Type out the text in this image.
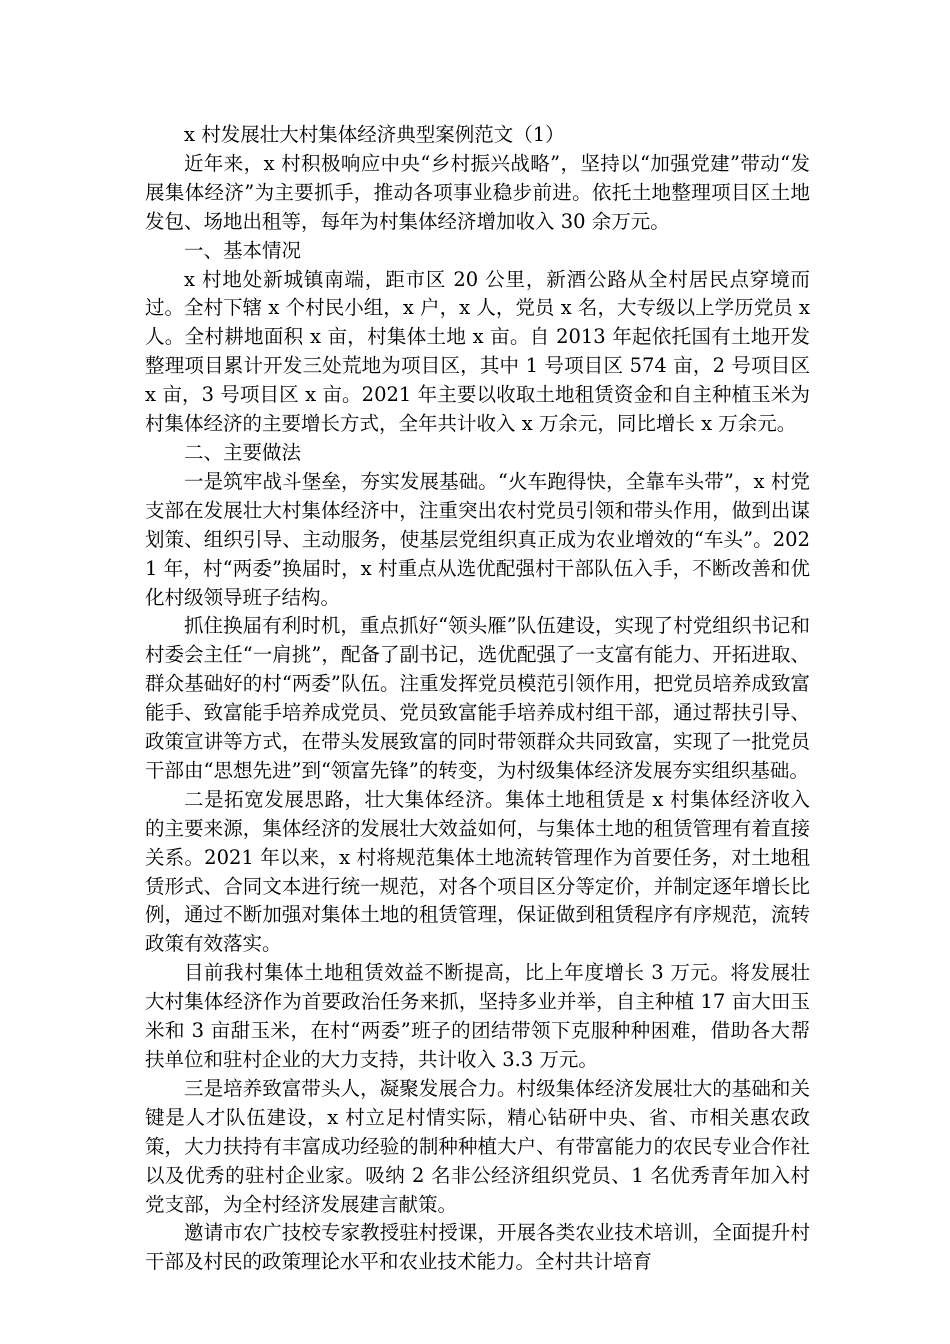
x 村发展壮大村集体经济典型案例范文（1）

近年来，x 村积极响应中央“乡村振兴战略”，坚持以“加强党建”带动“发展集体经济”为主要抓手，推动各项事业稳步前进。依托土地整理项目区土地发包、场地出租等，每年为村集体经济增加收入 30 余万元。

一、基本情况

x 村地处新城镇南端，距市区 20 公里，新酒公路从全村居民点穿境而过。全村下辖 x 个村民小组，x 户，x 人，党员 x 名，大专级以上学历党员 x 人。全村耕地面积 x 亩，村集体土地 x 亩。自 2013 年起依托国有土地开发整理项目累计开发三处荒地为项目区，其中 1 号项目区 574 亩，2 号项目区 x 亩，3 号项目区 x 亩。2021 年主要以收取土地租赁资金和自主种植玉米为村集体经济的主要增长方式，全年共计收入 x 万余元，同比增长 x 万余元。

二、主要做法

一是筑牢战斗堡垒，夯实发展基础。“火车跑得快，全靠车头带”，x 村党支部在发展壮大村集体经济中，注重突出农村党员引领和带头作用，做到出谋划策、组织引导、主动服务，使基层党组织真正成为农业增效的“车头”。2021 年，村“两委”换届时，x 村重点从选优配强村干部队伍入手，不断改善和优化村级领导班子结构。

抓住换届有利时机，重点抓好“领头雁”队伍建设，实现了村党组织书记和村委会主任“一肩挑”，配备了副书记，选优配强了一支富有能力、开拓进取、群众基础好的村“两委”队伍。注重发挥党员模范引领作用，把党员培养成致富能手、致富能手培养成党员、党员致富能手培养成村组干部，通过帮扶引导、政策宣讲等方式，在带头发展致富的同时带领群众共同致富，实现了一批党员干部由“思想先进”到“领富先锋”的转变，为村级集体经济发展夯实组织基础。

二是拓宽发展思路，壮大集体经济。集体土地租赁是 x 村集体经济收入的主要来源，集体经济的发展壮大效益如何，与集体土地的租赁管理有着直接关系。2021 年以来，x 村将规范集体土地流转管理作为首要任务，对土地租赁形式、合同文本进行统一规范，对各个项目区分等定价，并制定逐年增长比例，通过不断加强对集体土地的租赁管理，保证做到租赁程序有序规范，流转政策有效落实。

目前我村集体土地租赁效益不断提高，比上年度增长 3 万元。将发展壮大村集体经济作为首要政治任务来抓，坚持多业并举，自主种植 17 亩大田玉米和 3 亩甜玉米，在村“两委”班子的团结带领下克服种种困难，借助各大帮扶单位和驻村企业的大力支持，共计收入 3.3 万元。

三是培养致富带头人，凝聚发展合力。村级集体经济发展壮大的基础和关键是人才队伍建设，x 村立足村情实际，精心钻研中央、省、市相关惠农政策，大力扶持有丰富成功经验的制种种植大户、有带富能力的农民专业合作社以及优秀的驻村企业家。吸纳 2 名非公经济组织党员、1 名优秀青年加入村党支部，为全村经济发展建言献策。

邀请市农广技校专家教授驻村授课，开展各类农业技术培训，全面提升村干部及村民的政策理论水平和农业技术能力。全村共计培育
